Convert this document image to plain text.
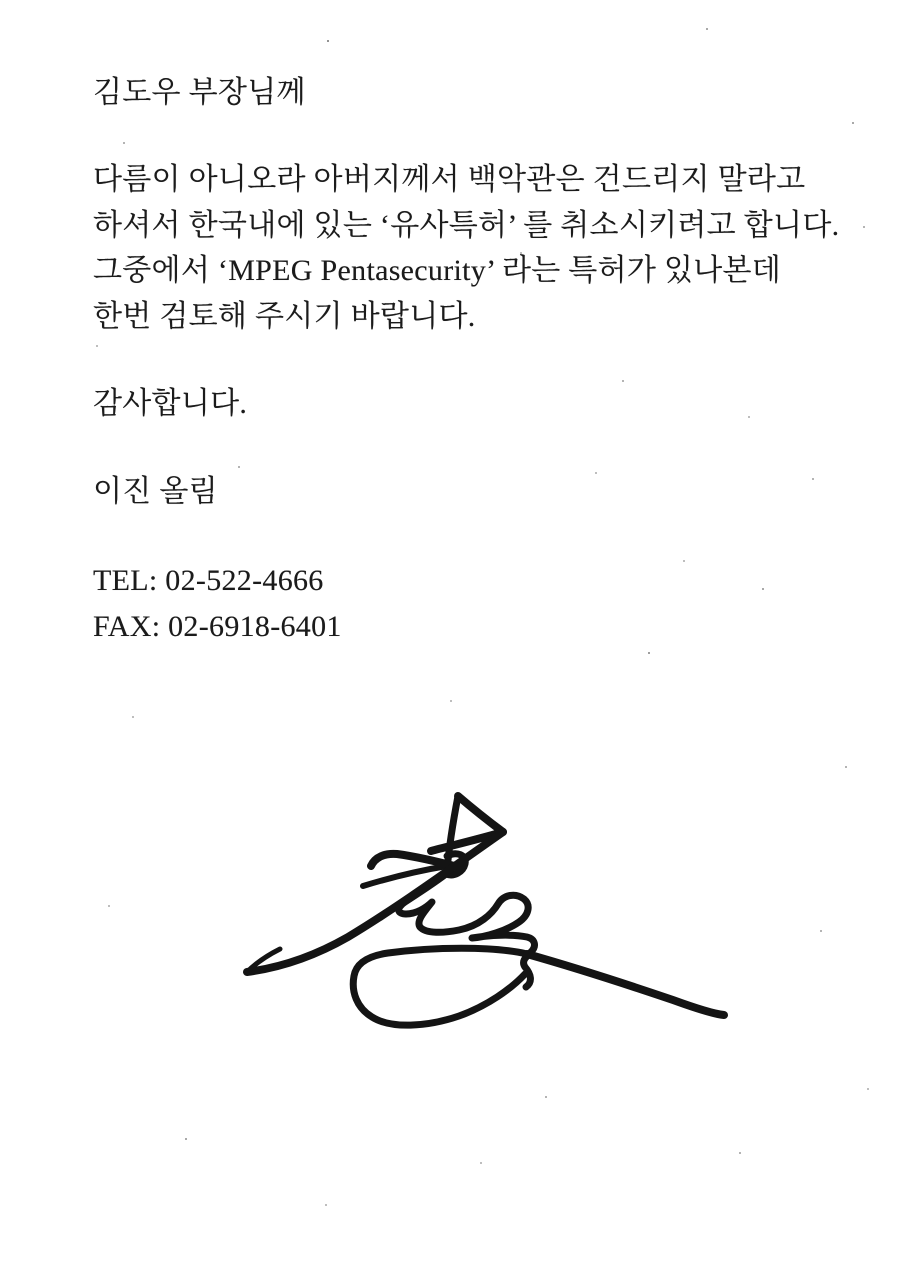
김도우 부장님께
다름이 아니오라 아버지께서 백악관은 건드리지 말라고
하셔서 한국내에 있는 ‘유사특허’ 를 취소시키려고 합니다.
그중에서 ‘MPEG Pentasecurity’ 라는 특허가 있나본데
한번 검토해 주시기 바랍니다.
감사합니다.
이진 올림
TEL: 02-522-4666
FAX: 02-6918-6401
